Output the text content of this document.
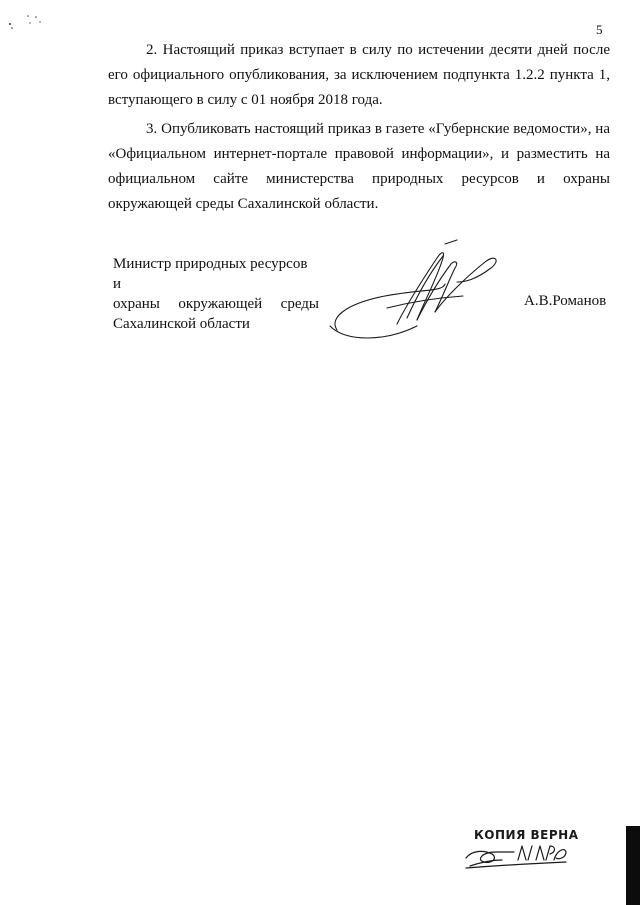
5

2. Настоящий приказ вступает в силу по истечении десяти дней после его официального опубликования, за исключением подпункта 1.2.2 пункта 1, вступающего в силу с 01 ноября 2018 года.

3. Опубликовать настоящий приказ в газете «Губернские ведомости», на «Официальном интернет-портале правовой информации», и разместить на официальном сайте министерства природных ресурсов и охраны окружающей среды Сахалинской области.

Министр природных ресурсов и
охраны окружающей среды
Сахалинской области
А.В.Романов
КОПИЯ ВЕРНА
